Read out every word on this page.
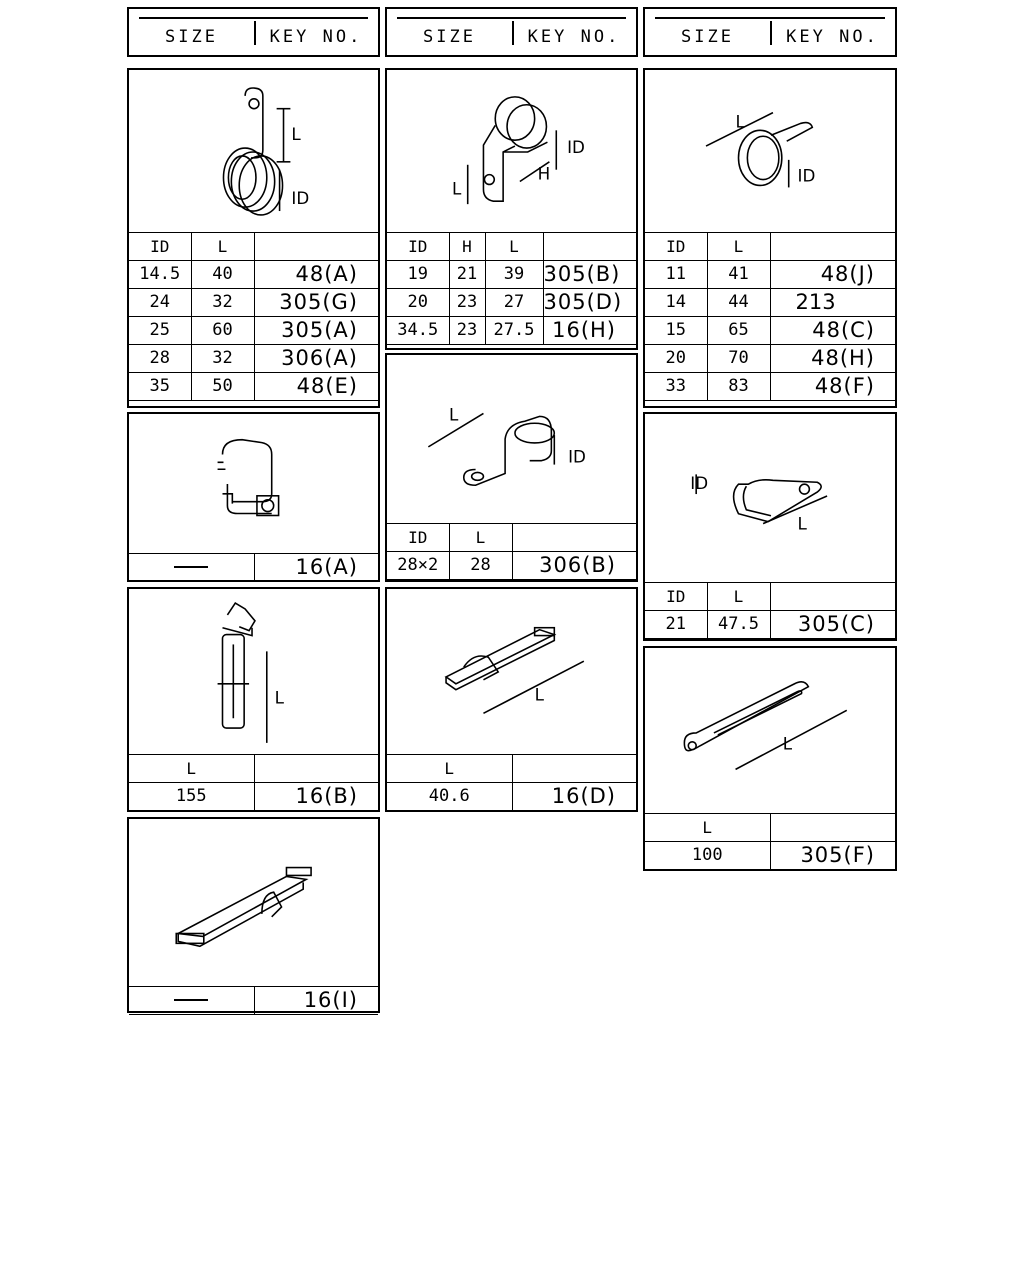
SIZE	KEY NO.	SIZE	KEY NO.	SIZE	KEY NO.
L
ID
ID	L	
14.5	40	48(A)
24	32	305(G)
25	60	305(A)
28	32	306(A)
35	50	48(E)
ID
L
H
ID	H	L	
19	21	39	305(B)
20	23	27	305(D)
34.5	23	27.5	16(H)
L
ID
ID	L	
11	41	48(J)
14	44	213
15	65	48(C)
20	70	48(H)
33	83	48(F)
	16(A)
L
ID
ID	L	
28×2	28	306(B)
ID
L
ID	L	
21	47.5	305(C)
L
L	
155	16(B)
L
L	
40.6	16(D)
L
L	
100	305(F)
	16(I)
